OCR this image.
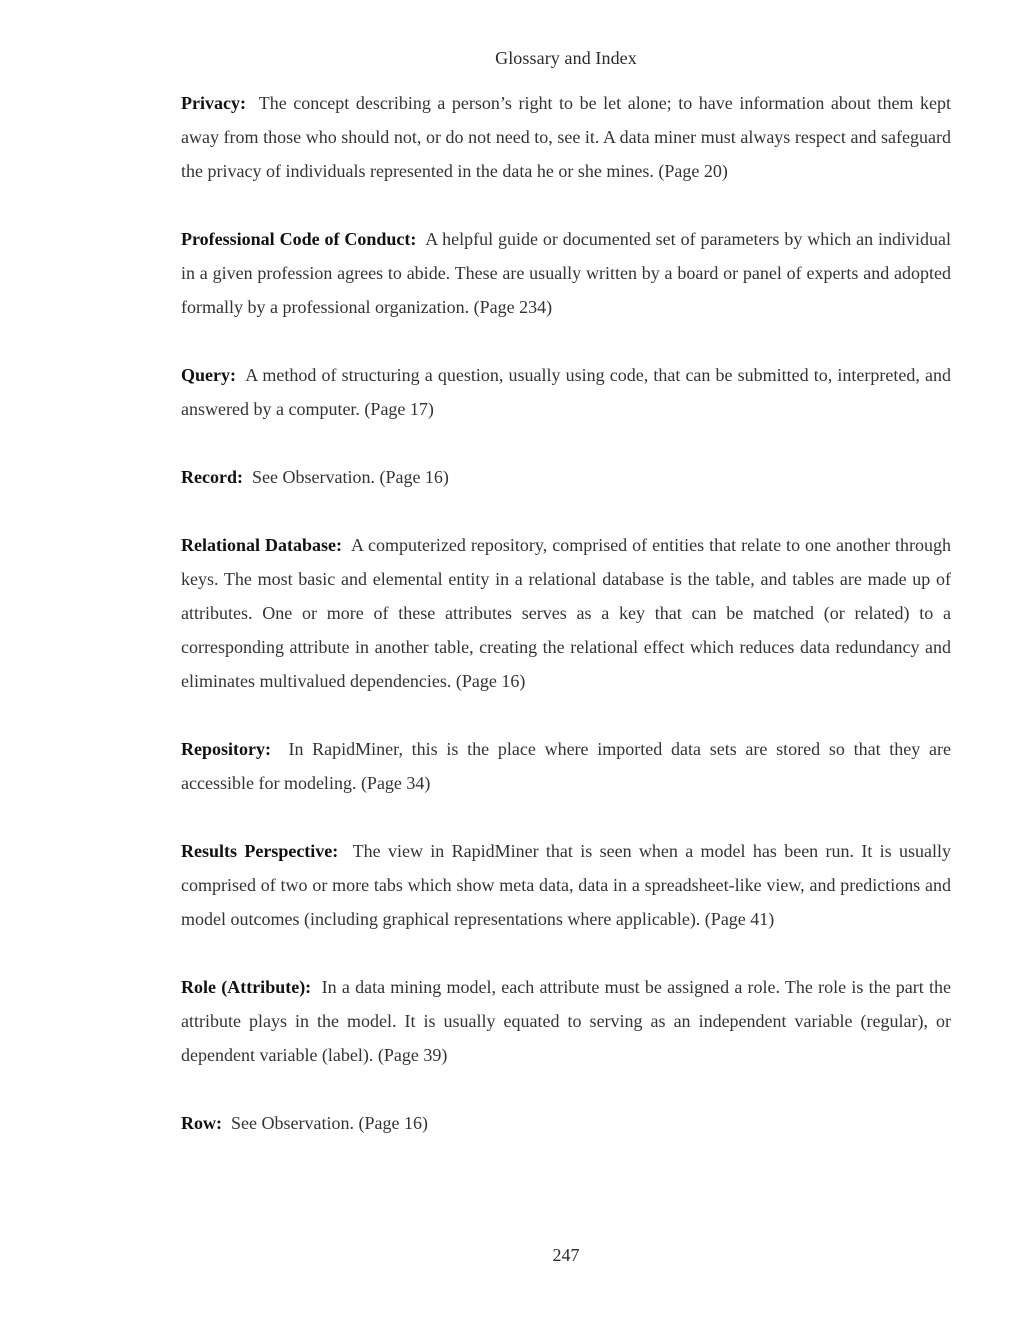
Glossary and Index

Privacy: The concept describing a person’s right to be let alone; to have information about them kept away from those who should not, or do not need to, see it. A data miner must always respect and safeguard the privacy of individuals represented in the data he or she mines. (Page 20)

Professional Code of Conduct: A helpful guide or documented set of parameters by which an individual in a given profession agrees to abide. These are usually written by a board or panel of experts and adopted formally by a professional organization. (Page 234)

Query: A method of structuring a question, usually using code, that can be submitted to, interpreted, and answered by a computer. (Page 17)

Record: See Observation. (Page 16)

Relational Database: A computerized repository, comprised of entities that relate to one another through keys. The most basic and elemental entity in a relational database is the table, and tables are made up of attributes. One or more of these attributes serves as a key that can be matched (or related) to a corresponding attribute in another table, creating the relational effect which reduces data redundancy and eliminates multivalued dependencies. (Page 16)

Repository: In RapidMiner, this is the place where imported data sets are stored so that they are accessible for modeling. (Page 34)

Results Perspective: The view in RapidMiner that is seen when a model has been run. It is usually comprised of two or more tabs which show meta data, data in a spreadsheet-like view, and predictions and model outcomes (including graphical representations where applicable). (Page 41)

Role (Attribute): In a data mining model, each attribute must be assigned a role. The role is the part the attribute plays in the model. It is usually equated to serving as an independent variable (regular), or dependent variable (label). (Page 39)

Row: See Observation. (Page 16)

247
